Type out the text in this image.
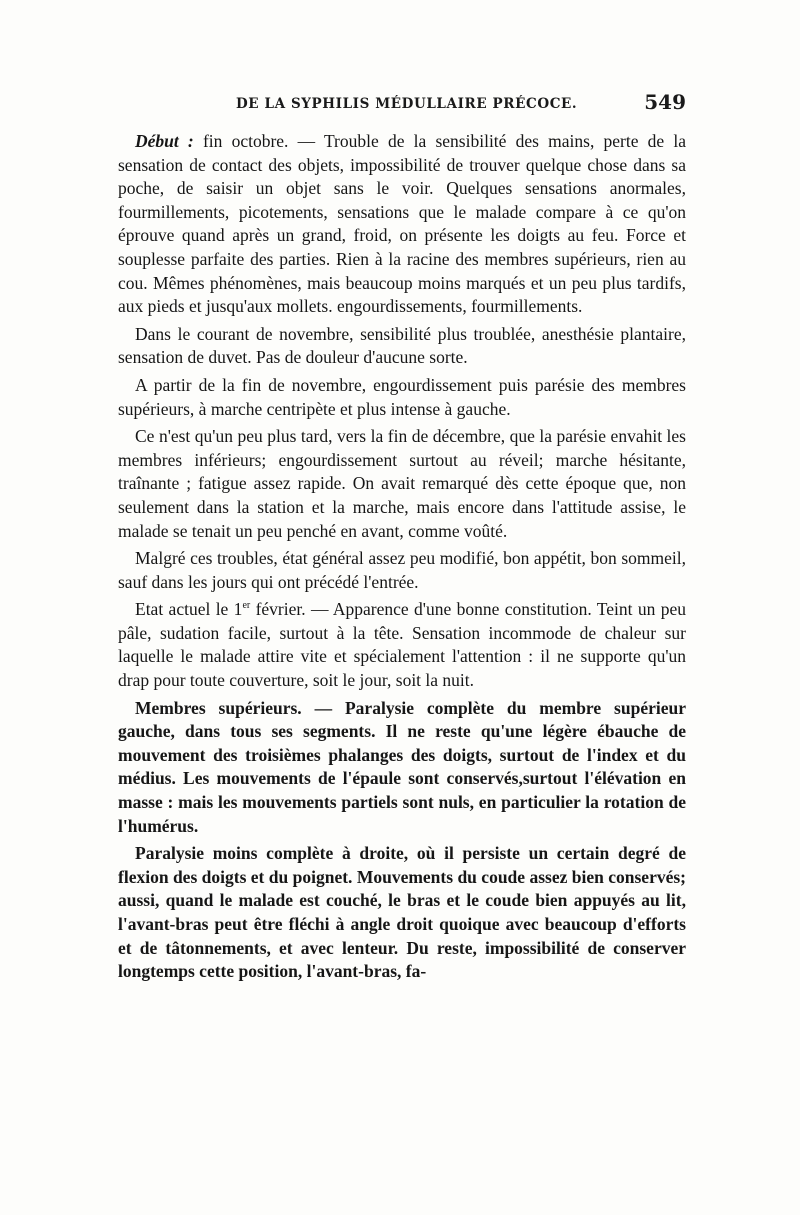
DE LA SYPHILIS MÉDULLAIRE PRÉCOCE.	549

Début : fin octobre. — Trouble de la sensibilité des mains, perte de la sensation de contact des objets, impossibilité de trouver quelque chose dans sa poche, de saisir un objet sans le voir. Quelques sensations anormales, fourmillements, picotements, sensations que le malade compare à ce qu'on éprouve quand après un grand, froid, on présente les doigts au feu. Force et souplesse parfaite des parties. Rien à la racine des membres supérieurs, rien au cou. Mêmes phénomènes, mais beaucoup moins marqués et un peu plus tardifs, aux pieds et jusqu'aux mollets. engourdissements, fourmillements.

Dans le courant de novembre, sensibilité plus troublée, anesthésie plantaire, sensation de duvet. Pas de douleur d'aucune sorte.

A partir de la fin de novembre, engourdissement puis parésie des membres supérieurs, à marche centripète et plus intense à gauche.

Ce n'est qu'un peu plus tard, vers la fin de décembre, que la parésie envahit les membres inférieurs; engourdissement surtout au réveil; marche hésitante, traînante ; fatigue assez rapide. On avait remarqué dès cette époque que, non seulement dans la station et la marche, mais encore dans l'attitude assise, le malade se tenait un peu penché en avant, comme voûté.

Malgré ces troubles, état général assez peu modifié, bon appétit, bon sommeil, sauf dans les jours qui ont précédé l'entrée.

Etat actuel le 1er février. — Apparence d'une bonne constitution. Teint un peu pâle, sudation facile, surtout à la tête. Sensation incommode de chaleur sur laquelle le malade attire vite et spécialement l'attention : il ne supporte qu'un drap pour toute couverture, soit le jour, soit la nuit.

Membres supérieurs. — Paralysie complète du membre supérieur gauche, dans tous ses segments. Il ne reste qu'une légère ébauche de mouvement des troisièmes phalanges des doigts, surtout de l'index et du médius. Les mouvements de l'épaule sont conservés,surtout l'élévation en masse : mais les mouvements partiels sont nuls, en particulier la rotation de l'humérus.

Paralysie moins complète à droite, où il persiste un certain degré de flexion des doigts et du poignet. Mouvements du coude assez bien conservés; aussi, quand le malade est couché, le bras et le coude bien appuyés au lit, l'avant-bras peut être fléchi à angle droit quoique avec beaucoup d'efforts et de tâtonnements, et avec lenteur. Du reste, impossibilité de conserver longtemps cette position, l'avant-bras, fa-
